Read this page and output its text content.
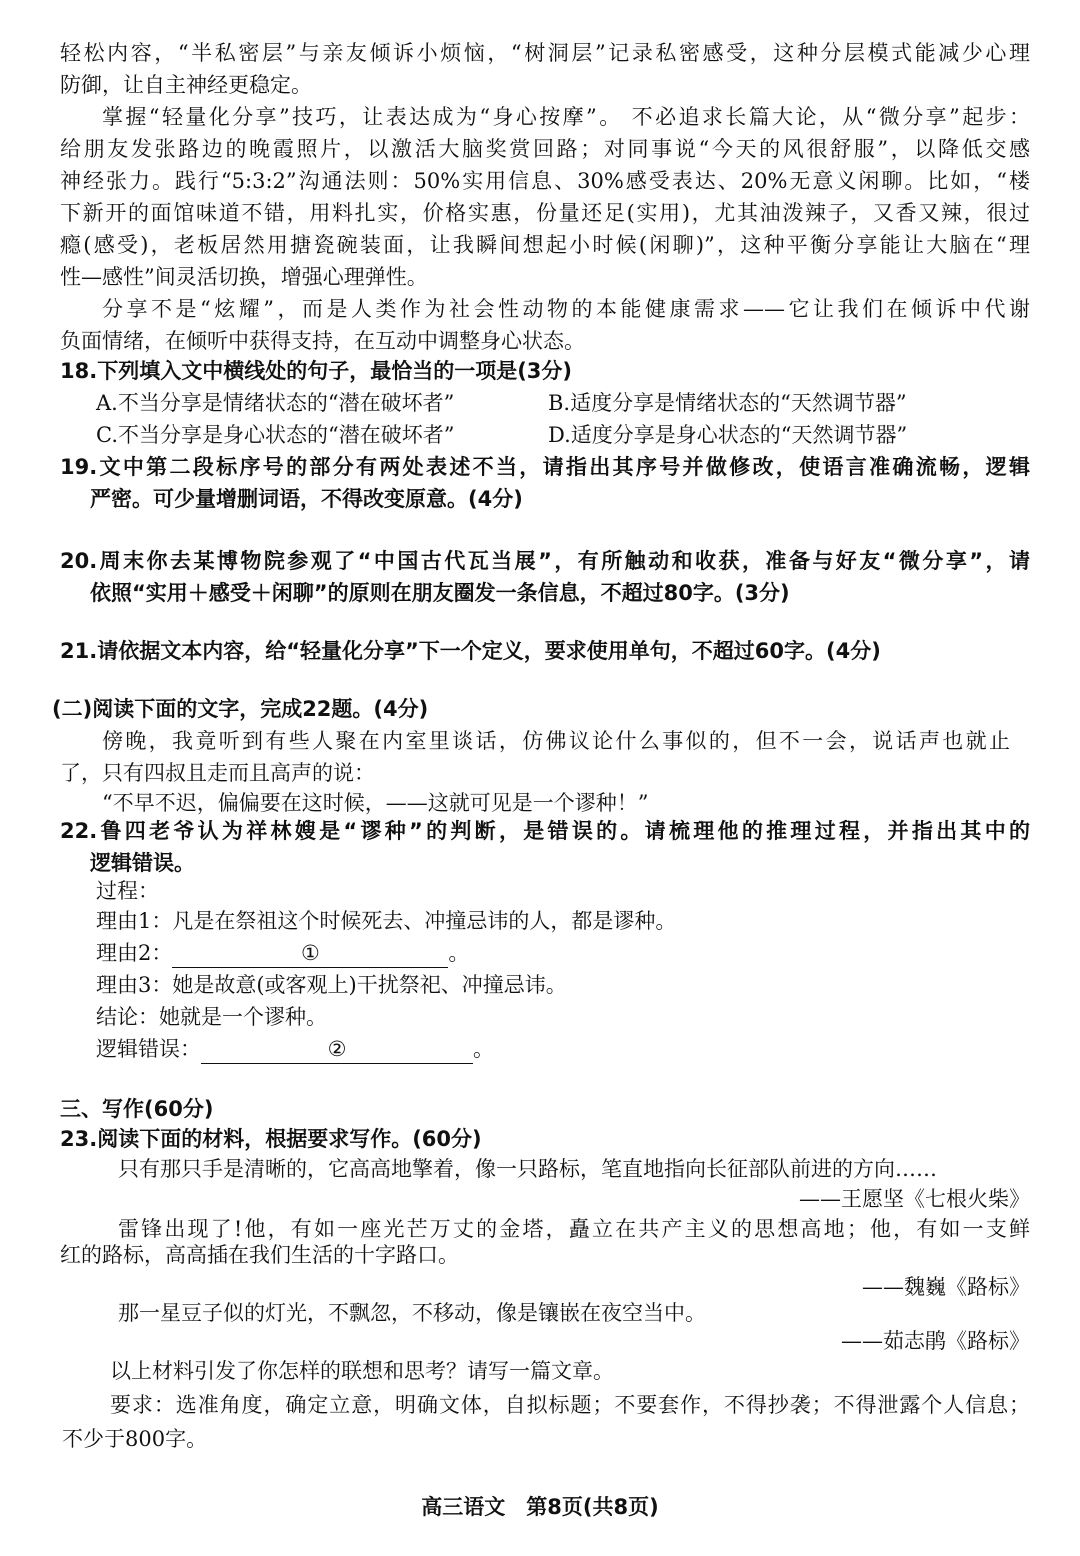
轻松内容，“半私密层”与亲友倾诉小烦恼，“树洞层”记录私密感受，这种分层模式能减少心理
防御，让自主神经更稳定。
掌握“轻量化分享”技巧，让表达成为“身心按摩”。 不必追求长篇大论，从“微分享”起步：
给朋友发张路边的晚霞照片，以激活大脑奖赏回路；对同事说“今天的风很舒服”，以降低交感
神经张力。践行“5:3:2”沟通法则：50%实用信息、30%感受表达、20%无意义闲聊。比如，“楼
下新开的面馆味道不错，用料扎实，价格实惠，份量还足(实用)，尤其油泼辣子，又香又辣，很过
瘾(感受)，老板居然用搪瓷碗装面，让我瞬间想起小时候(闲聊)”，这种平衡分享能让大脑在“理
性—感性”间灵活切换，增强心理弹性。
分享不是“炫耀”，而是人类作为社会性动物的本能健康需求——它让我们在倾诉中代谢
负面情绪，在倾听中获得支持，在互动中调整身心状态。
18.下列填入文中横线处的句子，最恰当的一项是(3分)
A.不当分享是情绪状态的“潜在破坏者”	B.适度分享是情绪状态的“天然调节器”
C.不当分享是身心状态的“潜在破坏者”	D.适度分享是身心状态的“天然调节器”
19.文中第二段标序号的部分有两处表述不当，请指出其序号并做修改，使语言准确流畅，逻辑
严密。可少量增删词语，不得改变原意。(4分)
20.周末你去某博物院参观了“中国古代瓦当展”，有所触动和收获，准备与好友“微分享”，请
依照“实用＋感受＋闲聊”的原则在朋友圈发一条信息，不超过80字。(3分)
21.请依据文本内容，给“轻量化分享”下一个定义，要求使用单句，不超过60字。(4分)
(二)阅读下面的文字，完成22题。(4分)
傍晚，我竟听到有些人聚在内室里谈话，仿佛议论什么事似的，但不一会，说话声也就止
了，只有四叔且走而且高声的说：
“不早不迟，偏偏要在这时候，——这就可见是一个谬种！”
22.鲁四老爷认为祥林嫂是“谬种”的判断，是错误的。请梳理他的推理过程，并指出其中的
逻辑错误。
过程：
理由1：凡是在祭祖这个时候死去、冲撞忌讳的人，都是谬种。
理由2：	①	。
理由3：她是故意(或客观上)干扰祭祀、冲撞忌讳。
结论：她就是一个谬种。
逻辑错误：	②	。
三、写作(60分)
23.阅读下面的材料，根据要求写作。(60分)
只有那只手是清晰的，它高高地擎着，像一只路标，笔直地指向长征部队前进的方向……
——王愿坚《七根火柴》
雷锋出现了!他，有如一座光芒万丈的金塔，矗立在共产主义的思想高地；他，有如一支鲜
红的路标，高高插在我们生活的十字路口。
——魏巍《路标》
那一星豆子似的灯光，不飘忽，不移动，像是镶嵌在夜空当中。
——茹志鹃《路标》
以上材料引发了你怎样的联想和思考？请写一篇文章。
要求：选准角度，确定立意，明确文体，自拟标题；不要套作，不得抄袭；不得泄露个人信息；
不少于800字。
高三语文　第8页(共8页)
